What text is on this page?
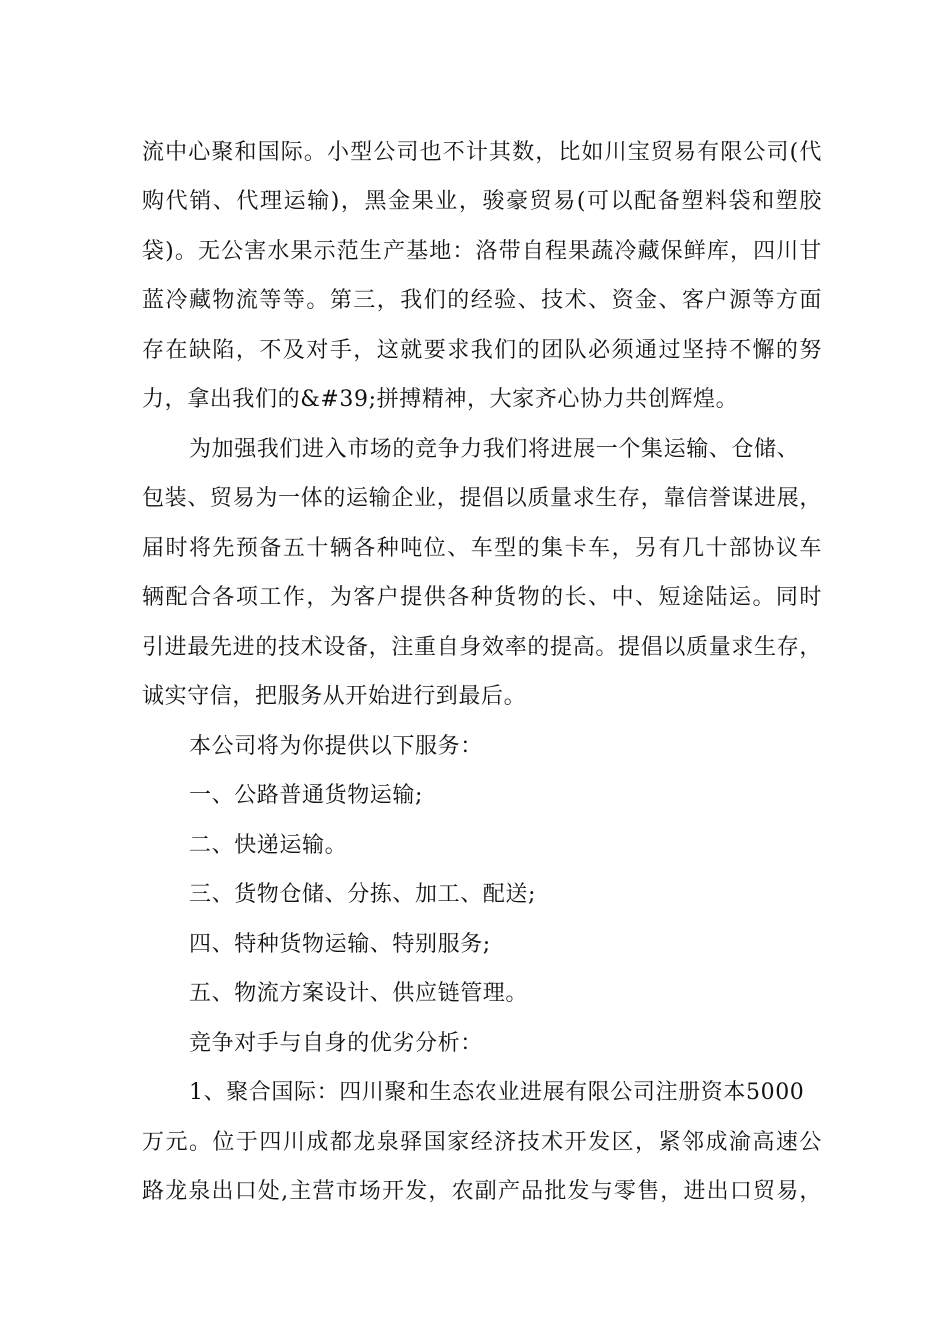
流中心聚和国际。小型公司也不计其数，比如川宝贸易有限公司(代
购代销、代理运输)，黑金果业，骏豪贸易(可以配备塑料袋和塑胶
袋)。无公害水果示范生产基地：洛带自程果蔬冷藏保鲜库，四川甘
蓝冷藏物流等等。第三，我们的经验、技术、资金、客户源等方面
存在缺陷，不及对手，这就要求我们的团队必须通过坚持不懈的努
力，拿出我们的&#39;拼搏精神，大家齐心协力共创辉煌。
为加强我们进入市场的竞争力我们将进展一个集运输、仓储、
包装、贸易为一体的运输企业，提倡以质量求生存，靠信誉谋进展，
届时将先预备五十辆各种吨位、车型的集卡车，另有几十部协议车
辆配合各项工作，为客户提供各种货物的长、中、短途陆运。同时
引进最先进的技术设备，注重自身效率的提高。提倡以质量求生存，
诚实守信，把服务从开始进行到最后。
本公司将为你提供以下服务：
一、公路普通货物运输;
二、快递运输。
三、货物仓储、分拣、加工、配送;
四、特种货物运输、特别服务;
五、物流方案设计、供应链管理。
竞争对手与自身的优劣分析：
1、聚合国际：四川聚和生态农业进展有限公司注册资本5000
万元。位于四川成都龙泉驿国家经济技术开发区，紧邻成渝高速公
路龙泉出口处,主营市场开发，农副产品批发与零售，进出口贸易，
